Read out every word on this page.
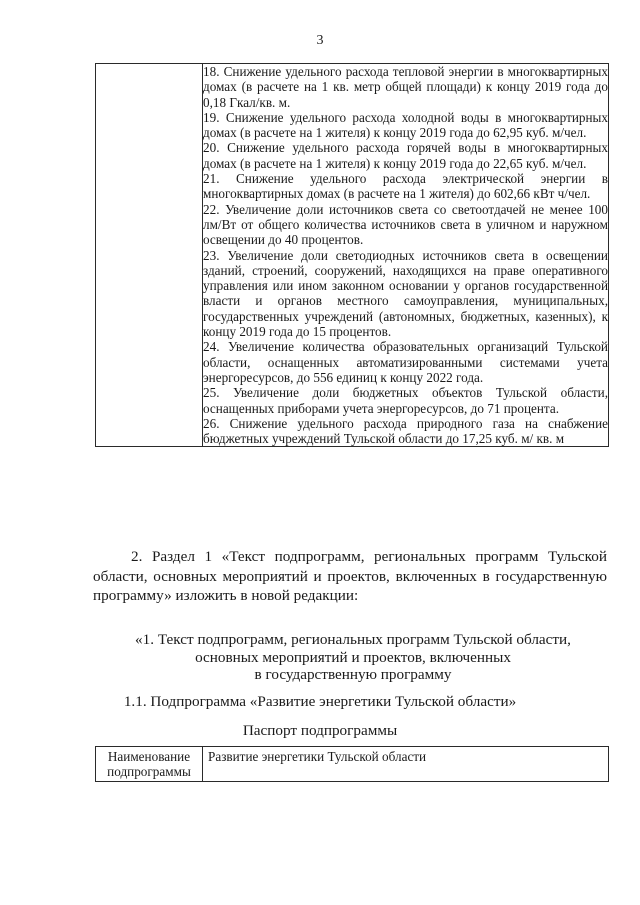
3

18. Снижение удельного расхода тепловой энергии в многоквартирных домах (в расчете на 1 кв. метр общей площади) к концу 2019 года до 0,18 Гкал/кв. м.

19. Снижение удельного расхода холодной воды в многоквартирных домах (в расчете на 1 жителя) к концу 2019 года до 62,95 куб. м/чел.

20. Снижение удельного расхода горячей воды в многоквартирных домах (в расчете на 1 жителя) к концу 2019 года до 22,65 куб. м/чел.

21. Снижение удельного расхода электрической энергии в многоквартирных домах (в расчете на 1 жителя) до 602,66 кВт ч/чел.

22. Увеличение доли источников света со светоотдачей не менее 100 лм/Вт от общего количества источников света в уличном и наружном освещении до 40 процентов.

23. Увеличение доли светодиодных источников света в освещении зданий, строений, сооружений, находящихся на праве оперативного управления или ином законном основании у органов государственной власти и органов местного самоуправления, муниципальных, государственных учреждений (автономных, бюджетных, казенных), к концу 2019 года до 15 процентов.

24. Увеличение количества образовательных организаций Тульской области, оснащенных автоматизированными системами учета энергоресурсов, до 556 единиц к концу 2022 года.

25. Увеличение доли бюджетных объектов Тульской области, оснащенных приборами учета энергоресурсов, до 71 процента.

26. Снижение удельного расхода природного газа на снабжение бюджетных учреждений Тульской области до 17,25 куб. м/ кв. м

2. Раздел 1 «Текст подпрограмм, региональных программ Тульской области, основных мероприятий и проектов, включенных в государственную программу» изложить в новой редакции:
«1. Текст подпрограмм, региональных программ Тульской области,
основных мероприятий и проектов, включенных
в государственную программу
1.1. Подпрограмма «Развитие энергетики Тульской области»
Паспорт подпрограммы
Наименование подпрограммы	Развитие энергетики Тульской области
